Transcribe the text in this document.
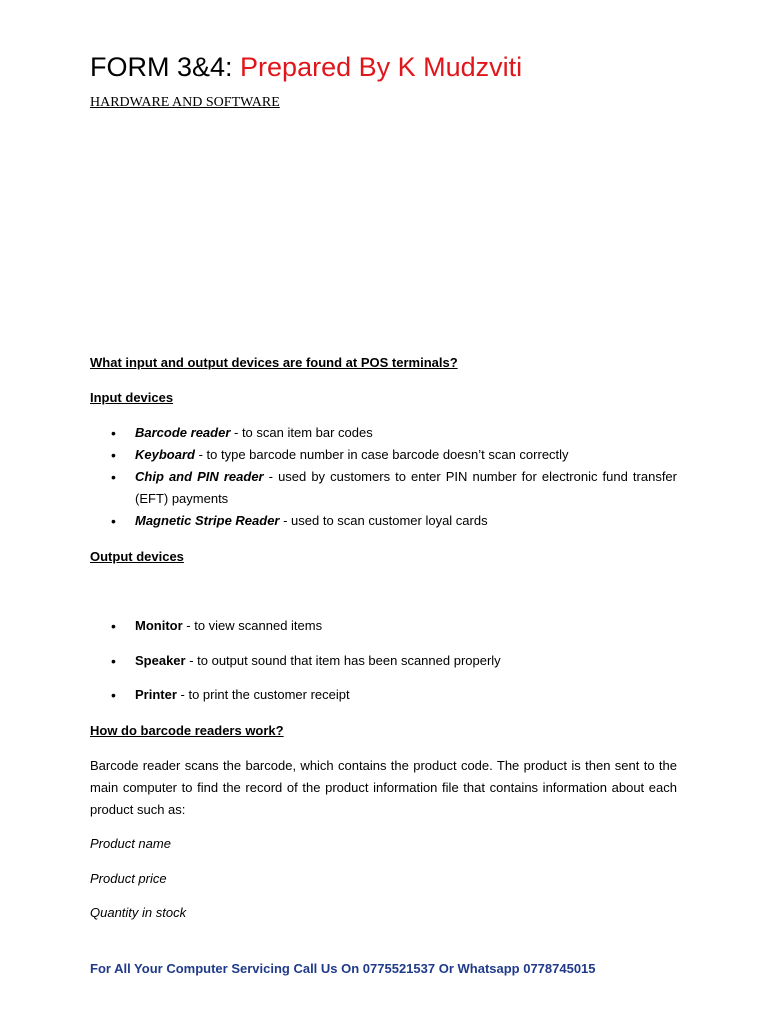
FORM 3&4: Prepared By K Mudzviti
HARDWARE AND SOFTWARE
What input and output devices are found at POS terminals?
Input devices
• Barcode reader - to scan item bar codes
• Keyboard - to type barcode number in case barcode doesn’t scan correctly
• Chip and PIN reader - used by customers to enter PIN number for electronic fund transfer (EFT) payments
• Magnetic Stripe Reader - used to scan customer loyal cards
Output devices
• Monitor - to view scanned items
• Speaker - to output sound that item has been scanned properly
• Printer - to print the customer receipt
How do barcode readers work?
Barcode reader scans the barcode, which contains the product code. The product is then sent to the main computer to find the record of the product information file that contains information about each product such as:
Product name
Product price
Quantity in stock
For All Your Computer Servicing Call Us On 0775521537 Or Whatsapp 0778745015
